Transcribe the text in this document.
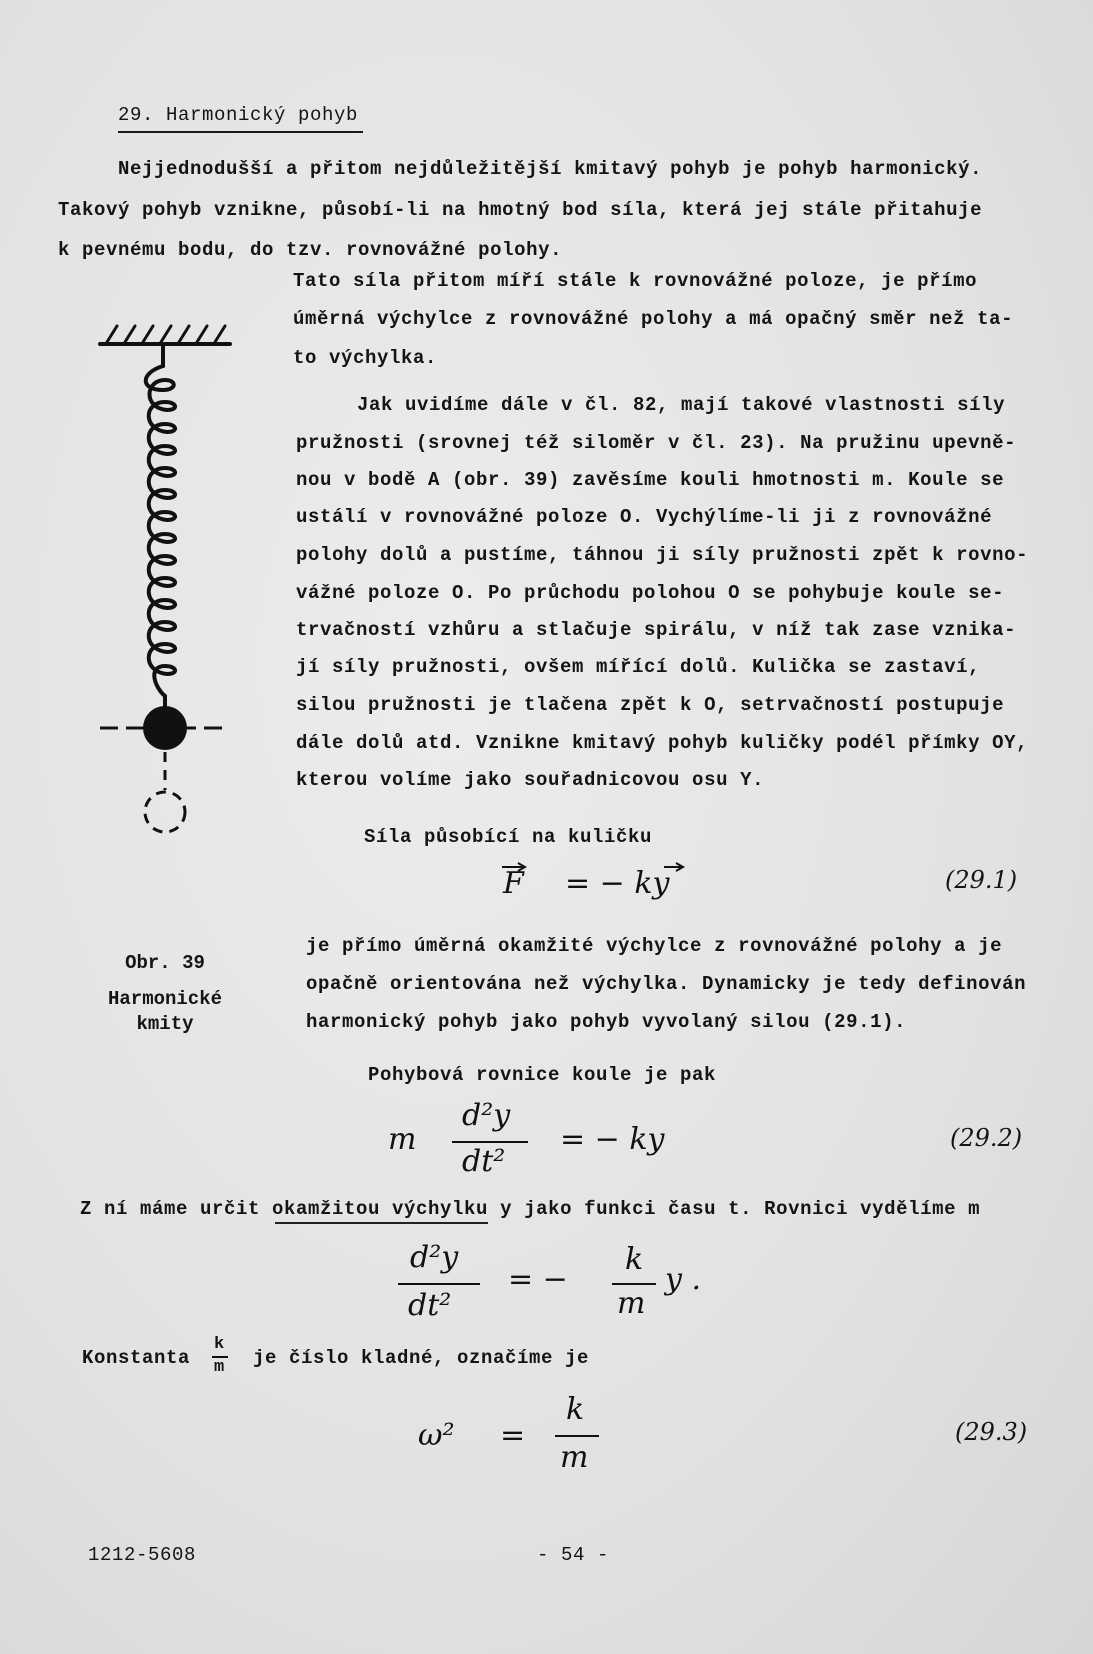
29. Harmonický pohyb
Nejjednodušší a přitom nejdůležitější kmitavý pohyb je pohyb harmonický.
Takový pohyb vznikne, působí-li na hmotný bod síla, která jej stále přitahuje
k pevnému bodu, do tzv. rovnovážné polohy.
Tato síla přitom míří stále k rovnovážné poloze, je přímo
úměrná výchylce z rovnovážné polohy a má opačný směr než ta-
to výchylka.
Jak uvidíme dále v čl. 82, mají takové vlastnosti síly
pružnosti (srovnej též siloměr v čl. 23). Na pružinu upevně-
nou v bodě A (obr. 39) zavěsíme kouli hmotnosti m. Koule se
ustálí v rovnovážné poloze O. Vychýlíme-li ji z rovnovážné
polohy dolů a pustíme, táhnou ji síly pružnosti zpět k rovno-
vážné poloze O. Po průchodu polohou O se pohybuje koule se-
trvačností vzhůru a stlačuje spirálu, v níž tak zase vznika-
jí síly pružnosti, ovšem mířící dolů. Kulička se zastaví,
silou pružnosti je tlačena zpět k O, setrvačností postupuje
dále dolů atd. Vznikne kmitavý pohyb kuličky podél přímky OY,
kterou volíme jako souřadnicovou osu Y.
Obr. 39
Harmonické
kmity
Síla působící na kuličku
F = − ky	(29.1)
je přímo úměrná okamžité výchylce z rovnovážné polohy a je
opačně orientována než výchylka. Dynamicky je tedy definován
harmonický pohyb jako pohyb vyvolaný silou (29.1).
Pohybová rovnice koule je pak
m
d²y
dt²
= − ky	(29.2)
Z ní máme určit okamžitou výchylku y jako funkci času t. Rovnici vydělíme m
d²y
dt²
= −
k
m
y .
Konstanta
k
m je číslo kladné, označíme je
ω² =
k
m
(29.3)
1212-5608	- 54 -
